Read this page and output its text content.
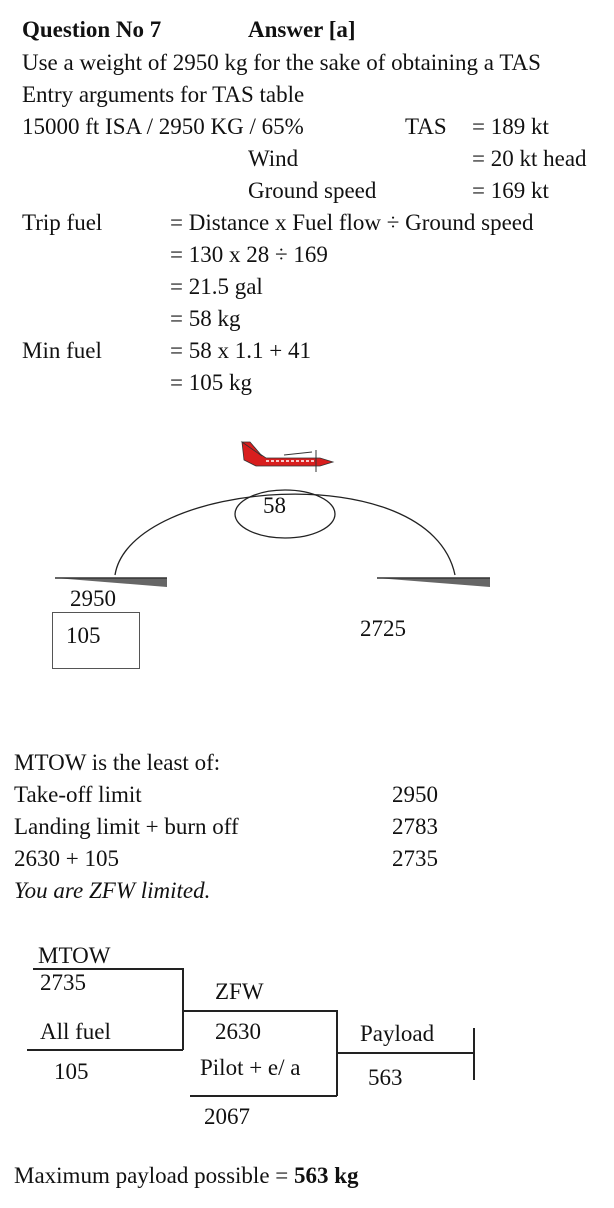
Question No 7	Answer [a]
Use a weight of 2950 kg for the sake of obtaining a TAS
Entry arguments for TAS table
15000 ft ISA / 2950 KG / 65%	TAS = 189 kt
Wind	= 20 kt head
Ground speed	= 169 kt
Trip fuel	= Distance x Fuel flow ÷ Ground speed
= 130 x 28 ÷ 169
= 21.5 gal
= 58 kg
Min fuel	= 58 x 1.1 + 41
= 105 kg
58
2950
105	2725
MTOW is the least of:
Take-off limit	2950
Landing limit + burn off	2783
2630 + 105	2735
You are ZFW limited.
MTOW
2735	ZFW
All fuel	2630	Payload
105	Pilot + e/ a	563
2067
Maximum payload possible = 563 kg
